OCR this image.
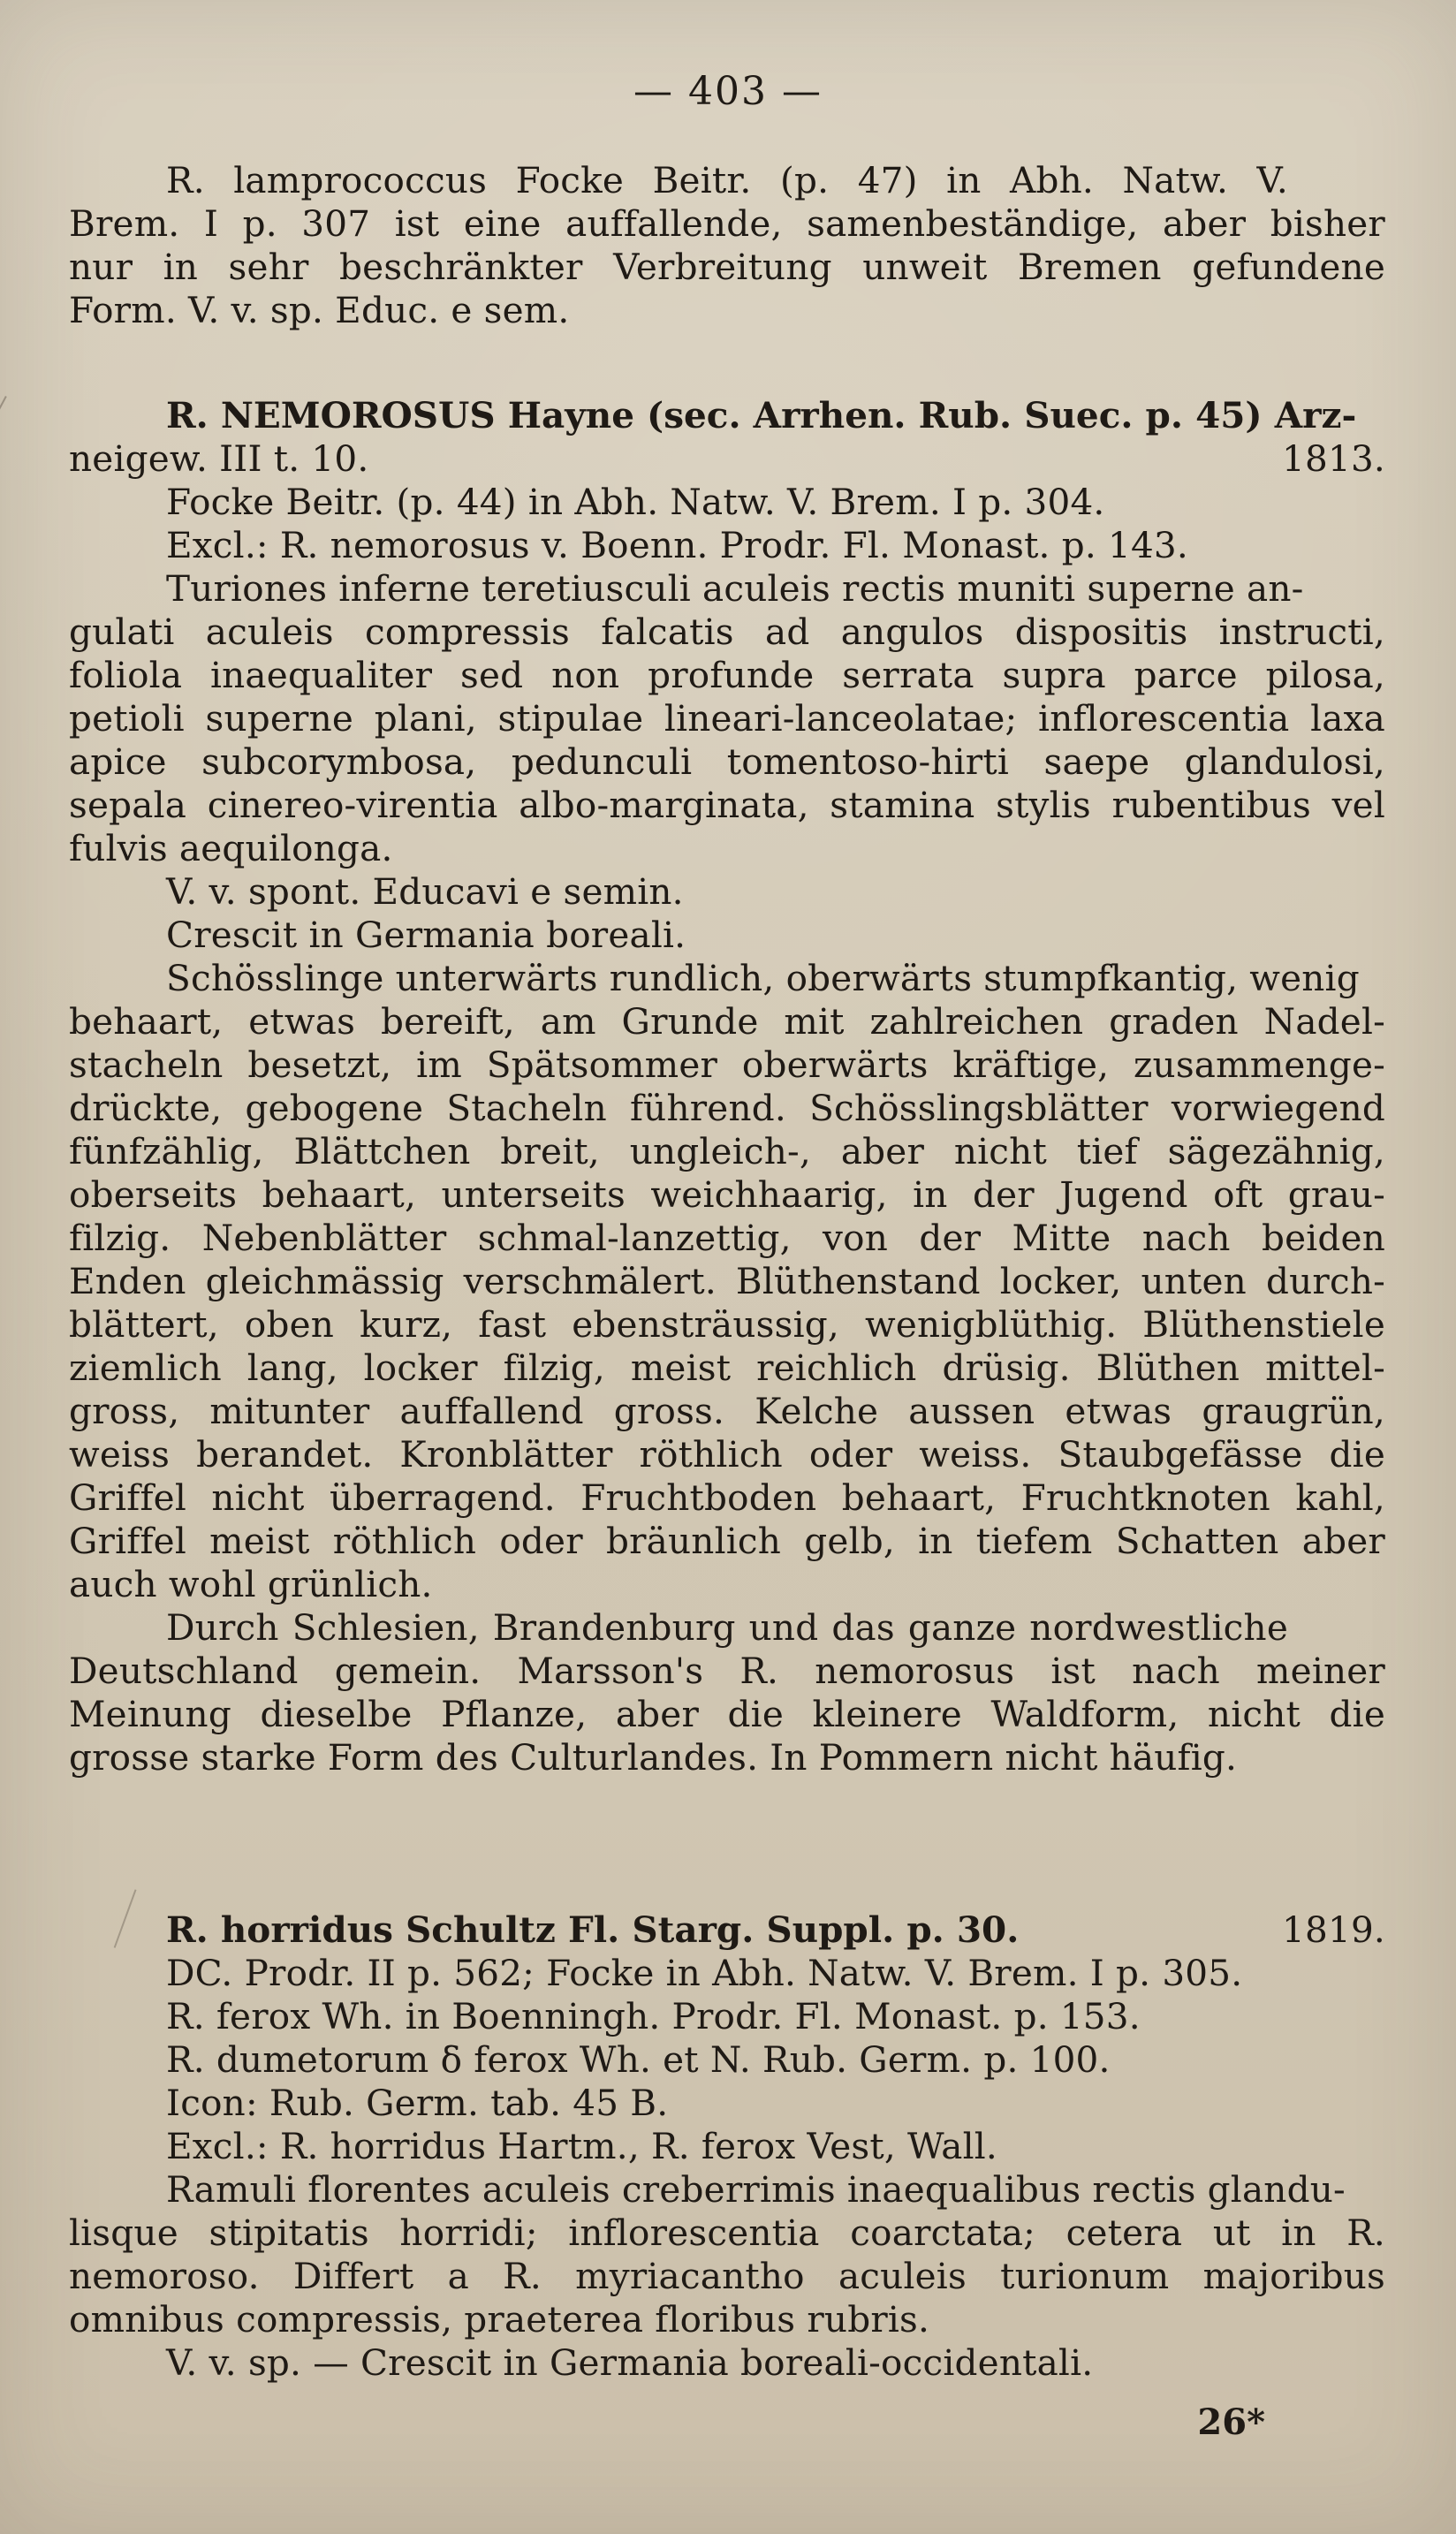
— 403 —
R. lamprococcus Focke Beitr. (p. 47) in Abh. Natw. V.
Brem. I p. 307 ist eine auffallende, samenbeständige, aber bisher
nur in sehr beschränkter Verbreitung unweit Bremen gefundene
Form. V. v. sp. Educ. e sem.
R. NEMOROSUS Hayne (sec. Arrhen. Rub. Suec. p. 45) Arz-
neigew. III t. 10.	1813.
Focke Beitr. (p. 44) in Abh. Natw. V. Brem. I p. 304.
Excl.: R. nemorosus v. Boenn. Prodr. Fl. Monast. p. 143.
Turiones inferne teretiusculi aculeis rectis muniti superne an-
gulati aculeis compressis falcatis ad angulos dispositis instructi,
foliola inaequaliter sed non profunde serrata supra parce pilosa,
petioli superne plani, stipulae lineari-lanceolatae; inflorescentia laxa
apice subcorymbosa, pedunculi tomentoso-hirti saepe glandulosi,
sepala cinereo-virentia albo-marginata, stamina stylis rubentibus vel
fulvis aequilonga.
V. v. spont. Educavi e semin.
Crescit in Germania boreali.
Schösslinge unterwärts rundlich, oberwärts stumpfkantig, wenig
behaart, etwas bereift, am Grunde mit zahlreichen graden Nadel-
stacheln besetzt, im Spätsommer oberwärts kräftige, zusammenge-
drückte, gebogene Stacheln führend. Schösslingsblätter vorwiegend
fünfzählig, Blättchen breit, ungleich-, aber nicht tief sägezähnig,
oberseits behaart, unterseits weichhaarig, in der Jugend oft grau-
filzig. Nebenblätter schmal-lanzettig, von der Mitte nach beiden
Enden gleichmässig verschmälert. Blüthenstand locker, unten durch-
blättert, oben kurz, fast ebensträussig, wenigblüthig. Blüthenstiele
ziemlich lang, locker filzig, meist reichlich drüsig. Blüthen mittel-
gross, mitunter auffallend gross. Kelche aussen etwas graugrün,
weiss berandet. Kronblätter röthlich oder weiss. Staubgefässe die
Griffel nicht überragend. Fruchtboden behaart, Fruchtknoten kahl,
Griffel meist röthlich oder bräunlich gelb, in tiefem Schatten aber
auch wohl grünlich.
Durch Schlesien, Brandenburg und das ganze nordwestliche
Deutschland gemein. Marsson's R. nemorosus ist nach meiner
Meinung dieselbe Pflanze, aber die kleinere Waldform, nicht die
grosse starke Form des Culturlandes. In Pommern nicht häufig.
R. horridus Schultz Fl. Starg. Suppl. p. 30.	1819.
DC. Prodr. II p. 562; Focke in Abh. Natw. V. Brem. I p. 305.
R. ferox Wh. in Boenningh. Prodr. Fl. Monast. p. 153.
R. dumetorum δ ferox Wh. et N. Rub. Germ. p. 100.
Icon: Rub. Germ. tab. 45 B.
Excl.: R. horridus Hartm., R. ferox Vest, Wall.
Ramuli florentes aculeis creberrimis inaequalibus rectis glandu-
lisque stipitatis horridi; inflorescentia coarctata; cetera ut in R.
nemoroso. Differt a R. myriacantho aculeis turionum majoribus
omnibus compressis, praeterea floribus rubris.
V. v. sp. — Crescit in Germania boreali-occidentali.
26*
